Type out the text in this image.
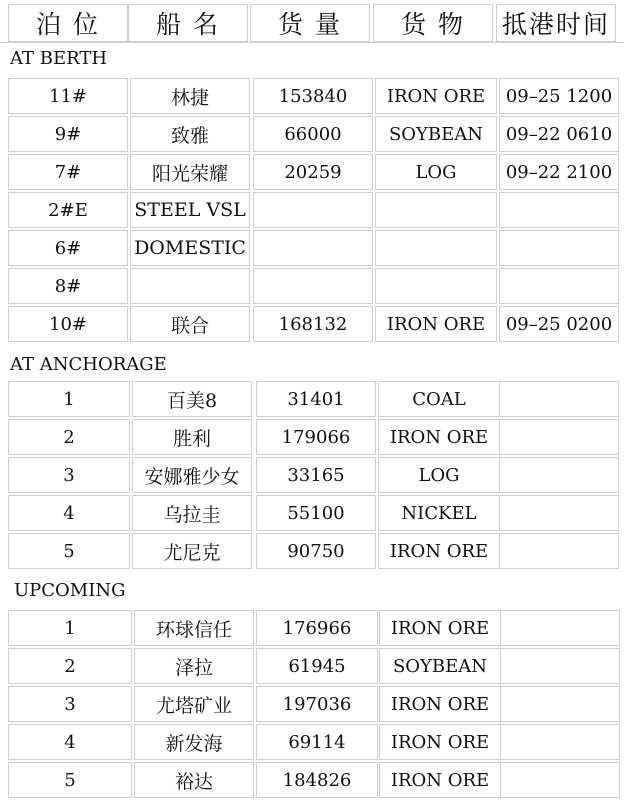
泊 位	船 名	货 量	货 物	抵港时间
AT BERTH
11#	林捷	153840	IRON ORE	09–25 1200
9#	致雅	66000	SOYBEAN	09–22 0610
7#	阳光荣耀	20259	LOG	09–22 2100
2#E	STEEL VSL
6#	DOMESTIC
8#
10#	联合	168132	IRON ORE	09–25 0200
AT ANCHORAGE
1	百美8	31401	COAL
2	胜利	179066	IRON ORE
3	安娜雅少女	33165	LOG
4	乌拉圭	55100	NICKEL
5	尤尼克	90750	IRON ORE
UPCOMING
1	环球信任	176966	IRON ORE
2	泽拉	61945	SOYBEAN
3	尤塔矿业	197036	IRON ORE
4	新发海	69114	IRON ORE
5	裕达	184826	IRON ORE
